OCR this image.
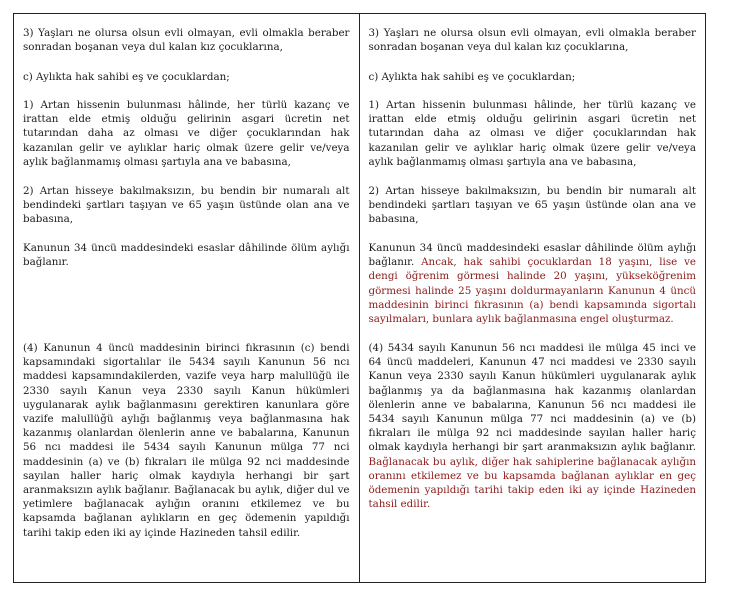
3) Yaşları ne olursa olsun evli olmayan, evli olmakla beraber sonradan boşanan veya dul kalan kız çocuklarına,

c) Aylıkta hak sahibi eş ve çocuklardan;

1) Artan hissenin bulunması hâlinde, her türlü kazanç ve irattan elde etmiş olduğu gelirinin asgari ücretin net tutarından daha az olması ve diğer çocuklarından hak kazanılan gelir ve aylıklar hariç olmak üzere gelir ve/veya aylık bağlanmamış olması şartıyla ana ve babasına,

2) Artan hisseye bakılmaksızın, bu bendin bir numaralı alt bendindeki şartları taşıyan ve 65 yaşın üstünde olan ana ve babasına,

Kanunun 34 üncü maddesindeki esaslar dâhilinde ölüm aylığı bağlanır.

(4) Kanunun 4 üncü maddesinin birinci fıkrasının (c) bendi kapsamındaki sigortalılar ile 5434 sayılı Kanunun 56 ncı maddesi kapsamındakilerden, vazife veya harp malullüğü ile 2330 sayılı Kanun veya 2330 sayılı Kanun hükümleri uygulanarak aylık bağlanmasını gerektiren kanunlara göre vazife malullüğü aylığı bağlanmış veya bağlanmasına hak kazanmış olanlardan ölenlerin anne ve babalarına, Kanunun 56 ncı maddesi ile 5434 sayılı Kanunun mülga 77 nci maddesinin (a) ve (b) fıkraları ile mülga 92 nci maddesinde sayılan haller hariç olmak kaydıyla herhangi bir şart aranmaksızın aylık bağlanır. Bağlanacak bu aylık, diğer dul ve yetimlere bağlanacak aylığın oranını etkilemez ve bu kapsamda bağlanan aylıkların en geç ödemenin yapıldığı tarihi takip eden iki ay içinde Hazineden tahsil edilir.

3) Yaşları ne olursa olsun evli olmayan, evli olmakla beraber sonradan boşanan veya dul kalan kız çocuklarına,

c) Aylıkta hak sahibi eş ve çocuklardan;

1) Artan hissenin bulunması hâlinde, her türlü kazanç ve irattan elde etmiş olduğu gelirinin asgari ücretin net tutarından daha az olması ve diğer çocuklarından hak kazanılan gelir ve aylıklar hariç olmak üzere gelir ve/veya aylık bağlanmamış olması şartıyla ana ve babasına,

2) Artan hisseye bakılmaksızın, bu bendin bir numaralı alt bendindeki şartları taşıyan ve 65 yaşın üstünde olan ana ve babasına,

Kanunun 34 üncü maddesindeki esaslar dâhilinde ölüm aylığı bağlanır. Ancak, hak sahibi çocuklardan 18 yaşını, lise ve dengi öğrenim görmesi halinde 20 yaşını, yükseköğrenim görmesi halinde 25 yaşını doldurmayanların Kanunun 4 üncü maddesinin birinci fıkrasının (a) bendi kapsamında sigortalı sayılmaları, bunlara aylık bağlanmasına engel oluşturmaz.

(4) 5434 sayılı Kanunun 56 ncı maddesi ile mülga 45 inci ve 64 üncü maddeleri, Kanunun 47 nci maddesi ve 2330 sayılı Kanun veya 2330 sayılı Kanun hükümleri uygulanarak aylık bağlanmış ya da bağlanmasına hak kazanmış olanlardan ölenlerin anne ve babalarına, Kanunun 56 ncı maddesi ile 5434 sayılı Kanunun mülga 77 nci maddesinin (a) ve (b) fıkraları ile mülga 92 nci maddesinde sayılan haller hariç olmak kaydıyla herhangi bir şart aranmaksızın aylık bağlanır. Bağlanacak bu aylık, diğer hak sahiplerine bağlanacak aylığın oranını etkilemez ve bu kapsamda bağlanan aylıklar en geç ödemenin yapıldığı tarihi takip eden iki ay içinde Hazineden tahsil edilir.
